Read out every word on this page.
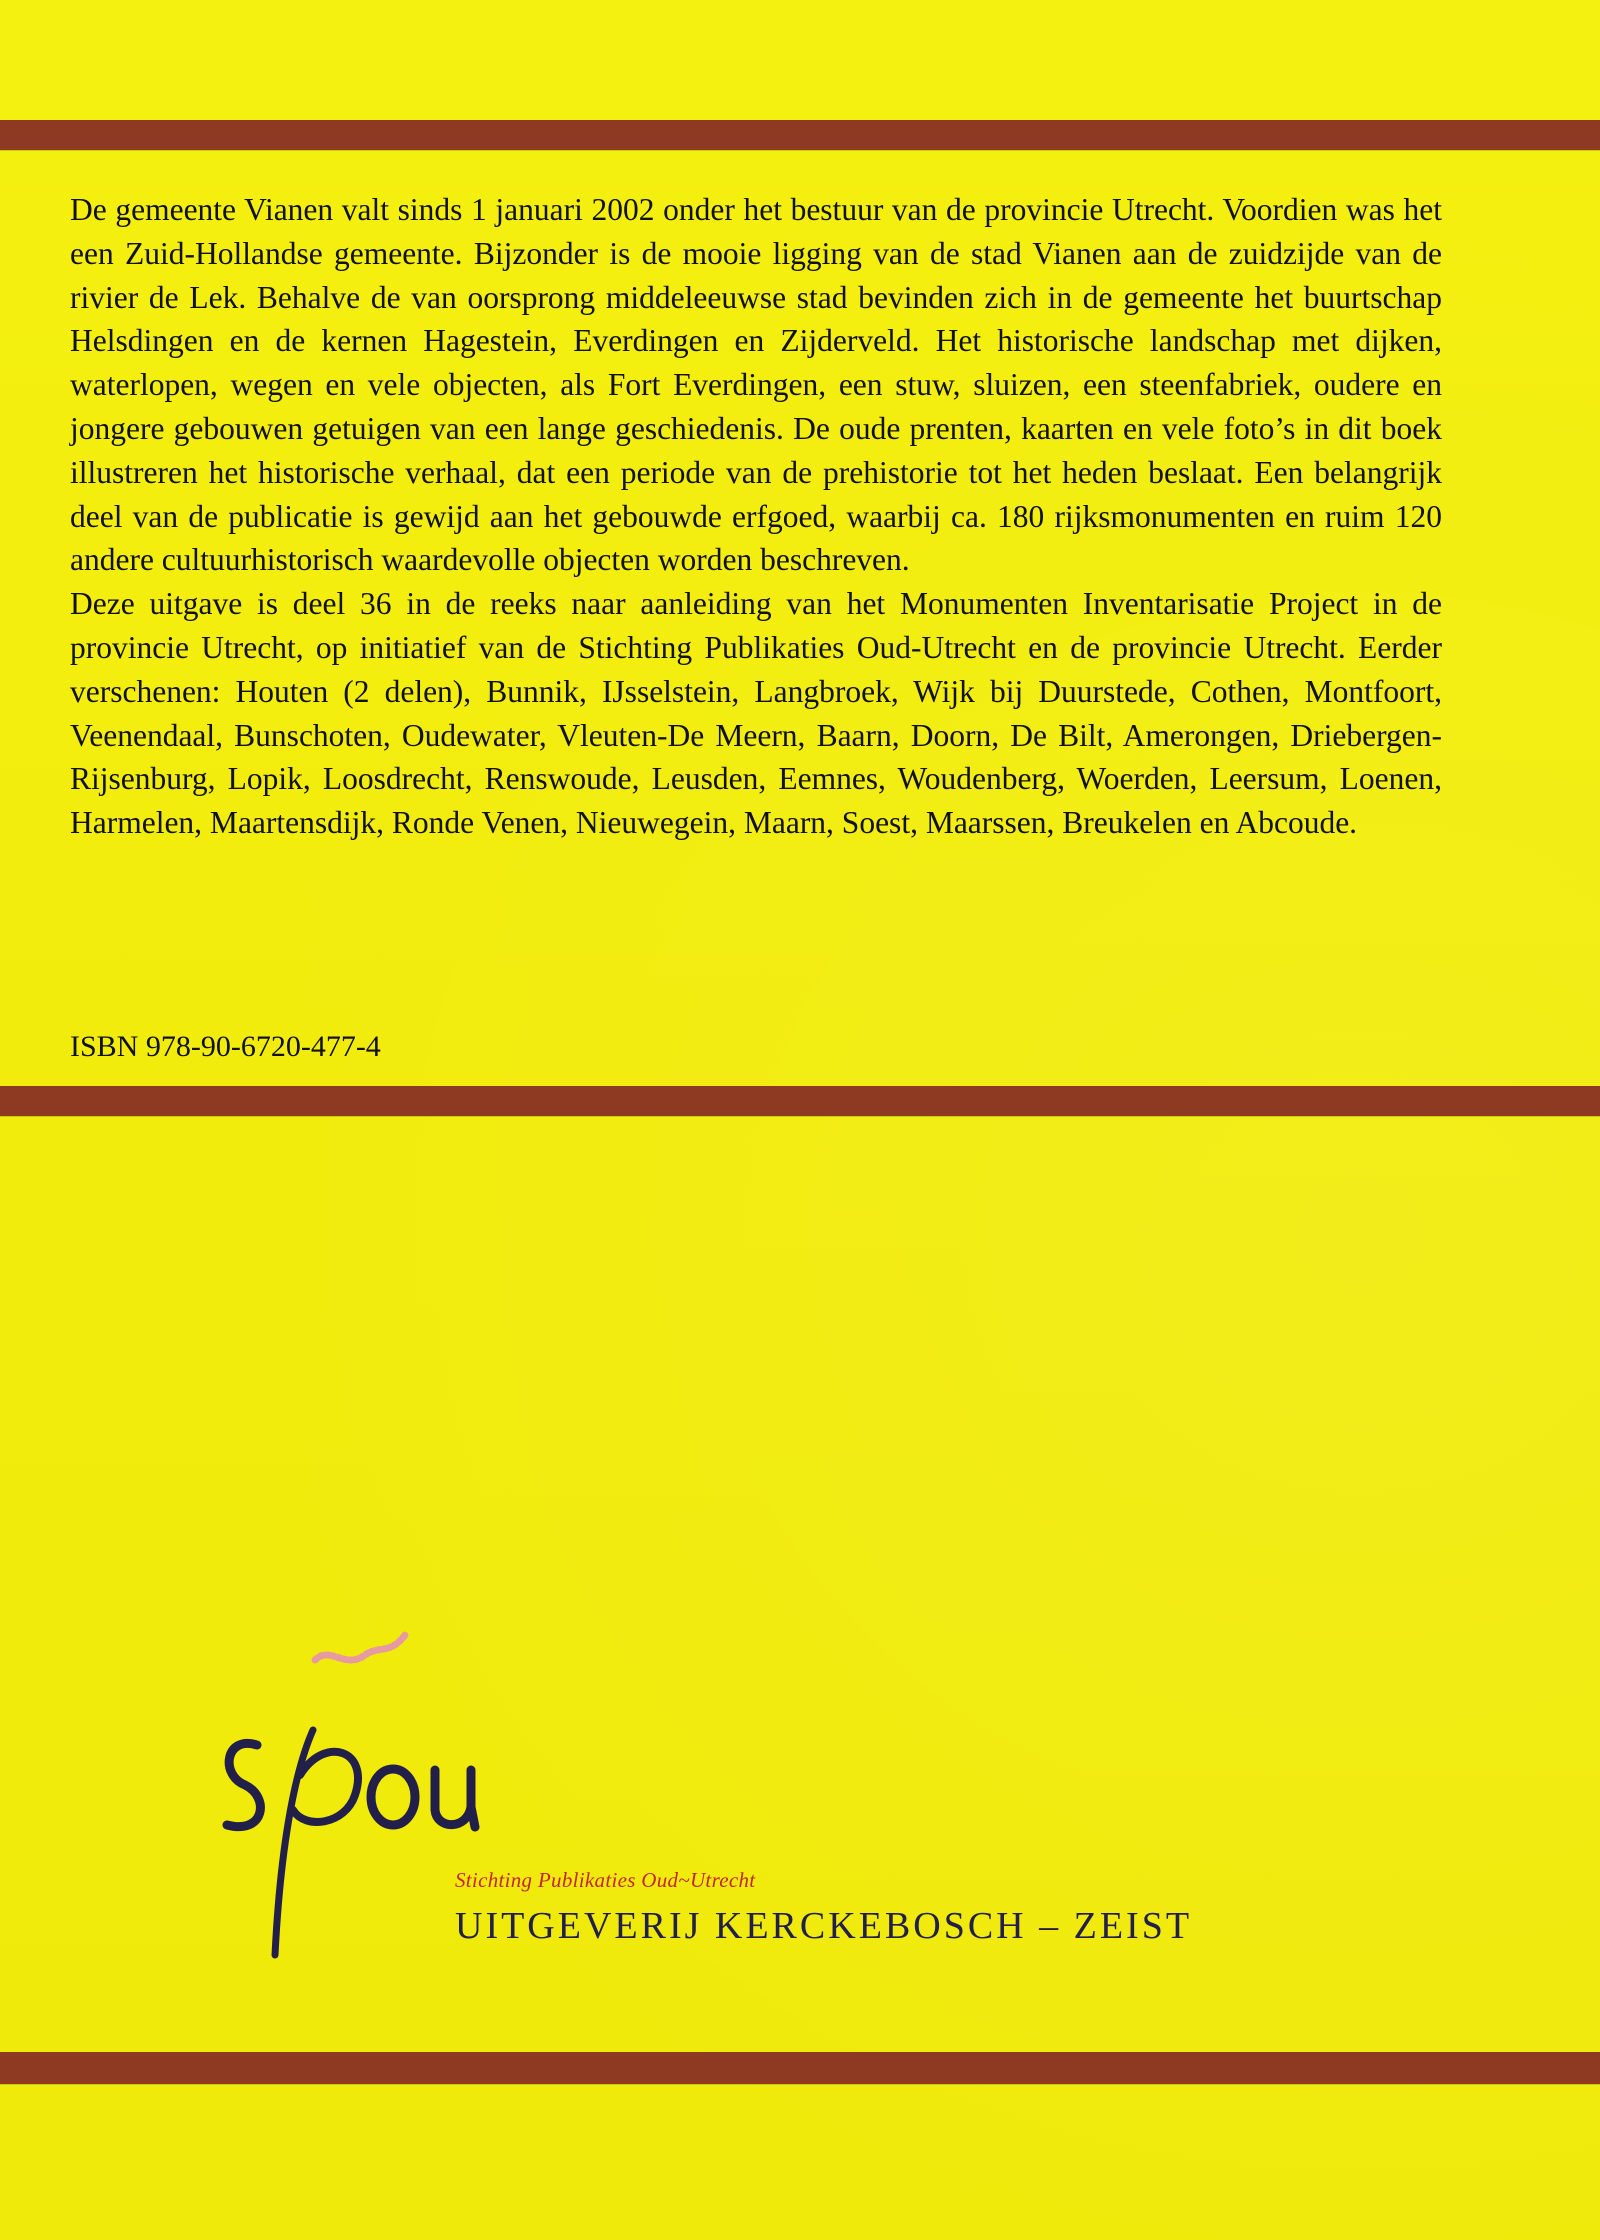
De gemeente Vianen valt sinds 1 januari 2002 onder het bestuur van de provincie Utrecht. Voordien was het een Zuid-Hollandse gemeente. Bijzonder is de mooie ligging van de stad Vianen aan de zuidzijde van de rivier de Lek. Behalve de van oorsprong middeleeuwse stad bevinden zich in de gemeente het buurtschap Helsdingen en de kernen Hagestein, Everdingen en Zijderveld. Het historische landschap met dijken, waterlopen, wegen en vele objecten, als Fort Everdingen, een stuw, sluizen, een steenfabriek, oudere en jongere gebouwen getuigen van een lange geschiedenis. De oude prenten, kaarten en vele foto’s in dit boek illustreren het historische verhaal, dat een periode van de prehistorie tot het heden beslaat. Een belangrijk deel van de publicatie is gewijd aan het gebouwde erfgoed, waarbij ca. 180 rijksmonumenten en ruim 120 andere cultuurhistorisch waardevolle objecten worden beschreven.

Deze uitgave is deel 36 in de reeks naar aanleiding van het Monumenten Inventarisatie Project in de provincie Utrecht, op initiatief van de Stichting Publikaties Oud-Utrecht en de provincie Utrecht. Eerder verschenen: Houten (2 delen), Bunnik, IJsselstein, Langbroek, Wijk bij Duurstede, Cothen, Montfoort, Veenendaal, Bunschoten, Oudewater, Vleuten-De Meern, Baarn, Doorn, De Bilt, Amerongen, Driebergen-Rijsenburg, Lopik, Loosdrecht, Renswoude, Leusden, Eemnes, Woudenberg, Woerden, Leersum, Loenen, Harmelen, Maartensdijk, Ronde Venen, Nieuwegein, Maarn, Soest, Maarssen, Breukelen en Abcoude.

ISBN 978-90-6720-477-4

Stichting Publikaties Oud~Utrecht

UITGEVERIJ KERCKEBOSCH – ZEIST
